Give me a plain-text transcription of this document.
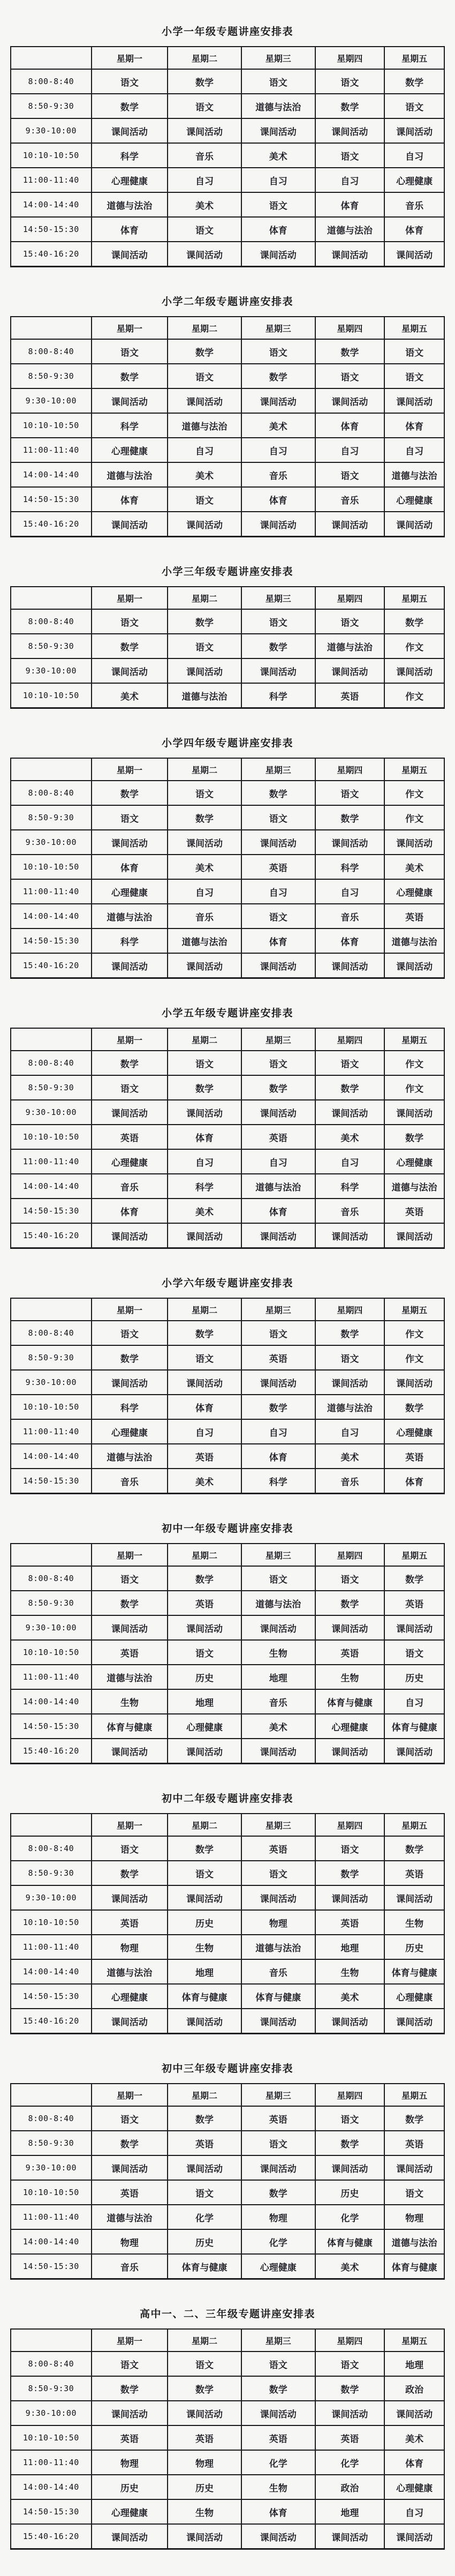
小学一年级专题讲座安排表
	星期一	星期二	星期三	星期四	星期五
8:00-8:40	语文	数学	语文	语文	数学
8:50-9:30	数学	语文	道德与法治	数学	语文
9:30-10:00	课间活动	课间活动	课间活动	课间活动	课间活动
10:10-10:50	科学	音乐	美术	语文	自习
11:00-11:40	心理健康	自习	自习	自习	心理健康
14:00-14:40	道德与法治	美术	语文	体育	音乐
14:50-15:30	体育	语文	体育	道德与法治	体育
15:40-16:20	课间活动	课间活动	课间活动	课间活动	课间活动
小学二年级专题讲座安排表
	星期一	星期二	星期三	星期四	星期五
8:00-8:40	语文	数学	语文	数学	语文
8:50-9:30	数学	语文	数学	语文	语文
9:30-10:00	课间活动	课间活动	课间活动	课间活动	课间活动
10:10-10:50	科学	道德与法治	美术	体育	体育
11:00-11:40	心理健康	自习	自习	自习	自习
14:00-14:40	道德与法治	美术	音乐	语文	道德与法治
14:50-15:30	体育	语文	体育	音乐	心理健康
15:40-16:20	课间活动	课间活动	课间活动	课间活动	课间活动
小学三年级专题讲座安排表
	星期一	星期二	星期三	星期四	星期五
8:00-8:40	语文	数学	语文	语文	数学
8:50-9:30	数学	语文	数学	道德与法治	作文
9:30-10:00	课间活动	课间活动	课间活动	课间活动	课间活动
10:10-10:50	美术	道德与法治	科学	英语	作文
小学四年级专题讲座安排表
	星期一	星期二	星期三	星期四	星期五
8:00-8:40	数学	语文	数学	语文	作文
8:50-9:30	语文	数学	语文	数学	作文
9:30-10:00	课间活动	课间活动	课间活动	课间活动	课间活动
10:10-10:50	体育	美术	英语	科学	美术
11:00-11:40	心理健康	自习	自习	自习	心理健康
14:00-14:40	道德与法治	音乐	语文	音乐	英语
14:50-15:30	科学	道德与法治	体育	体育	道德与法治
15:40-16:20	课间活动	课间活动	课间活动	课间活动	课间活动
小学五年级专题讲座安排表
	星期一	星期二	星期三	星期四	星期五
8:00-8:40	数学	语文	语文	语文	作文
8:50-9:30	语文	数学	数学	数学	作文
9:30-10:00	课间活动	课间活动	课间活动	课间活动	课间活动
10:10-10:50	英语	体育	英语	美术	数学
11:00-11:40	心理健康	自习	自习	自习	心理健康
14:00-14:40	音乐	科学	道德与法治	科学	道德与法治
14:50-15:30	体育	美术	体育	音乐	英语
15:40-16:20	课间活动	课间活动	课间活动	课间活动	课间活动
小学六年级专题讲座安排表
	星期一	星期二	星期三	星期四	星期五
8:00-8:40	语文	数学	语文	数学	作文
8:50-9:30	数学	语文	英语	语文	作文
9:30-10:00	课间活动	课间活动	课间活动	课间活动	课间活动
10:10-10:50	科学	体育	数学	道德与法治	数学
11:00-11:40	心理健康	自习	自习	自习	心理健康
14:00-14:40	道德与法治	英语	体育	美术	英语
14:50-15:30	音乐	美术	科学	音乐	体育
初中一年级专题讲座安排表
	星期一	星期二	星期三	星期四	星期五
8:00-8:40	语文	数学	语文	语文	数学
8:50-9:30	数学	英语	道德与法治	数学	英语
9:30-10:00	课间活动	课间活动	课间活动	课间活动	课间活动
10:10-10:50	英语	语文	生物	英语	语文
11:00-11:40	道德与法治	历史	地理	生物	历史
14:00-14:40	生物	地理	音乐	体育与健康	自习
14:50-15:30	体育与健康	心理健康	美术	心理健康	体育与健康
15:40-16:20	课间活动	课间活动	课间活动	课间活动	课间活动
初中二年级专题讲座安排表
	星期一	星期二	星期三	星期四	星期五
8:00-8:40	语文	数学	英语	语文	数学
8:50-9:30	数学	语文	语文	数学	英语
9:30-10:00	课间活动	课间活动	课间活动	课间活动	课间活动
10:10-10:50	英语	历史	物理	英语	生物
11:00-11:40	物理	生物	道德与法治	地理	历史
14:00-14:40	道德与法治	地理	音乐	生物	体育与健康
14:50-15:30	心理健康	体育与健康	体育与健康	美术	心理健康
15:40-16:20	课间活动	课间活动	课间活动	课间活动	课间活动
初中三年级专题讲座安排表
	星期一	星期二	星期三	星期四	星期五
8:00-8:40	语文	数学	英语	语文	数学
8:50-9:30	数学	英语	语文	数学	英语
9:30-10:00	课间活动	课间活动	课间活动	课间活动	课间活动
10:10-10:50	英语	语文	数学	历史	语文
11:00-11:40	道德与法治	化学	物理	化学	物理
14:00-14:40	物理	历史	化学	体育与健康	道德与法治
14:50-15:30	音乐	体育与健康	心理健康	美术	体育与健康
高中一、二、三年级专题讲座安排表
	星期一	星期二	星期三	星期四	星期五
8:00-8:40	语文	语文	语文	语文	地理
8:50-9:30	数学	数学	数学	数学	政治
9:30-10:00	课间活动	课间活动	课间活动	课间活动	课间活动
10:10-10:50	英语	英语	英语	英语	美术
11:00-11:40	物理	物理	化学	化学	体育
14:00-14:40	历史	历史	生物	政治	心理健康
14:50-15:30	心理健康	生物	体育	地理	自习
15:40-16:20	课间活动	课间活动	课间活动	课间活动	课间活动
